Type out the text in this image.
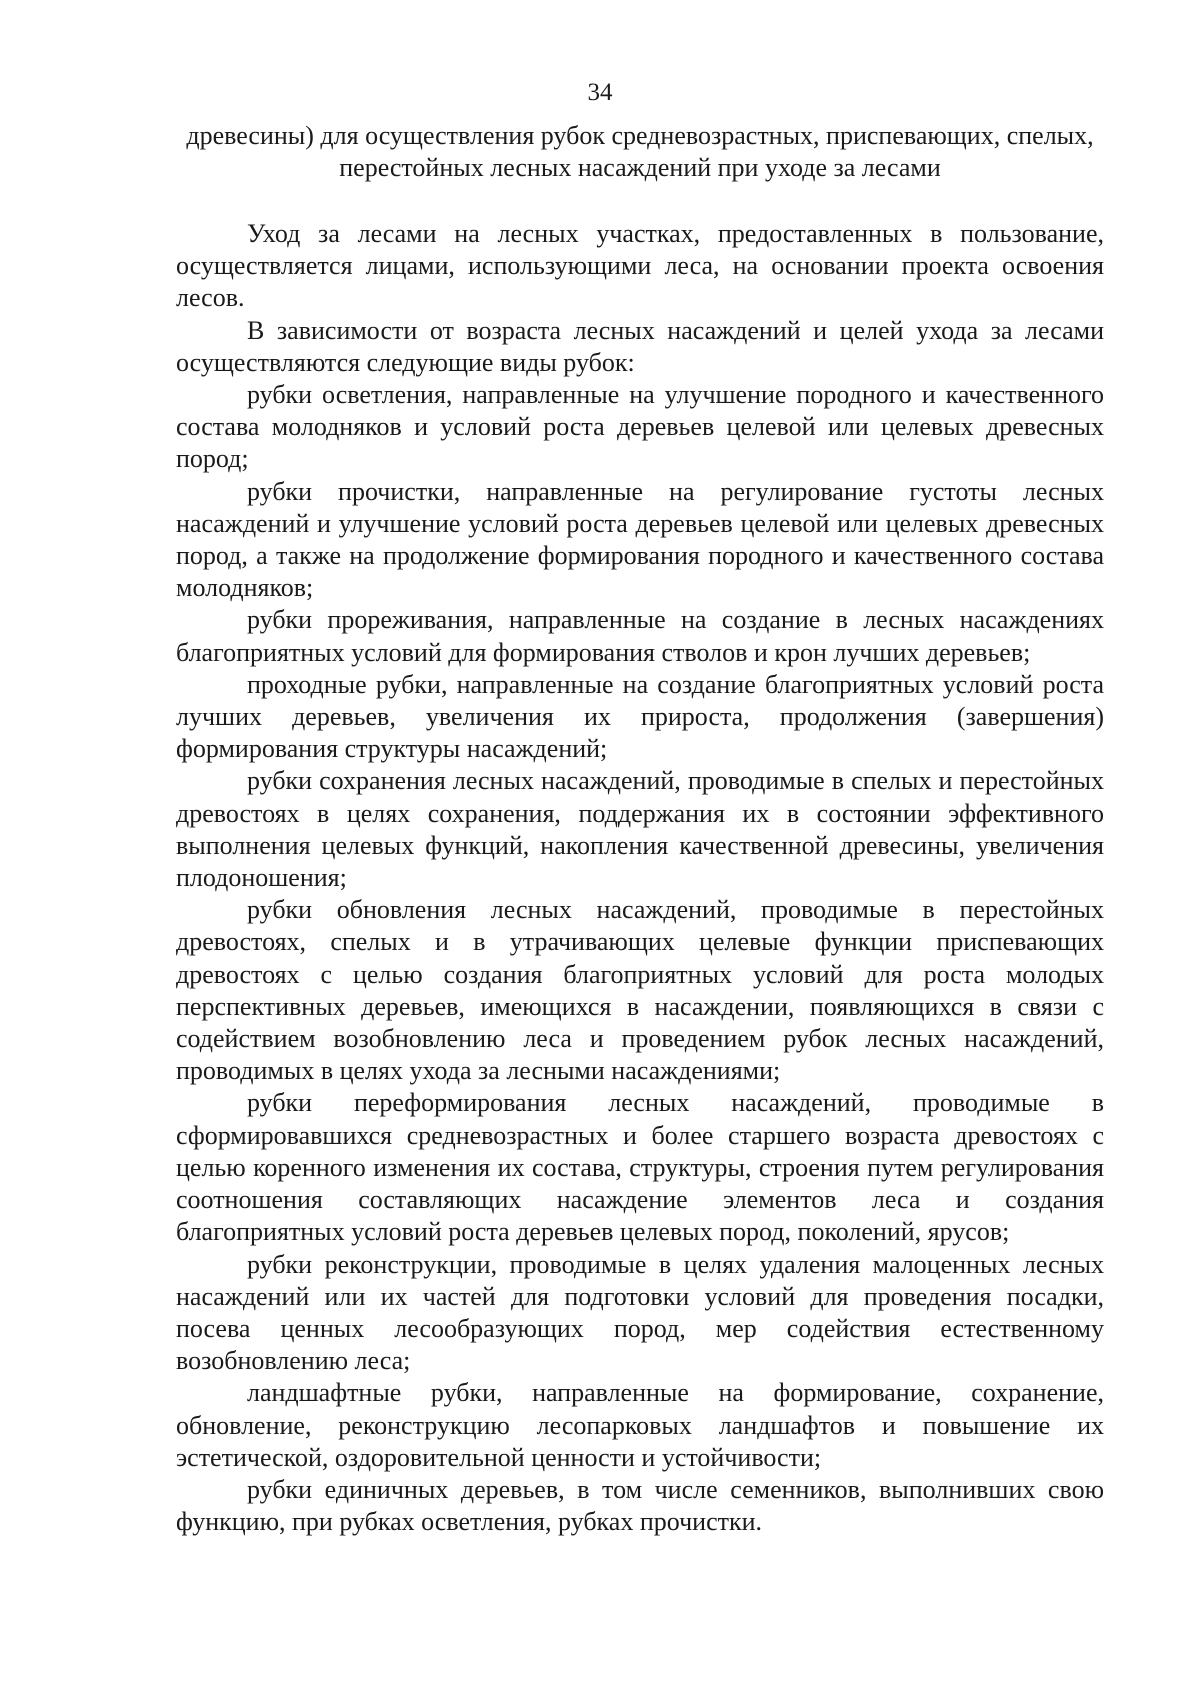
34
древесины) для осуществления рубок средневозрастных, приспевающих, спелых, перестойных лесных насаждений при уходе за лесами

Уход за лесами на лесных участках, предоставленных в пользование, осуществляется лицами, использующими леса, на основании проекта освоения лесов.

В зависимости от возраста лесных насаждений и целей ухода за лесами осуществляются следующие виды рубок:

рубки осветления, направленные на улучшение породного и качественного состава молодняков и условий роста деревьев целевой или целевых древесных пород;

рубки прочистки, направленные на регулирование густоты лесных насаждений и улучшение условий роста деревьев целевой или целевых древесных пород, а также на продолжение формирования породного и качественного состава молодняков;

рубки прореживания, направленные на создание в лесных насаждениях благоприятных условий для формирования стволов и крон лучших деревьев;

проходные рубки, направленные на создание благоприятных условий роста лучших деревьев, увеличения их прироста, продолжения (завершения) формирования структуры насаждений;

рубки сохранения лесных насаждений, проводимые в спелых и перестойных древостоях в целях сохранения, поддержания их в состоянии эффективного выполнения целевых функций, накопления качественной древесины, увеличения плодоношения;

рубки обновления лесных насаждений, проводимые в перестойных древостоях, спелых и в утрачивающих целевые функции приспевающих древостоях с целью создания благоприятных условий для роста молодых перспективных деревьев, имеющихся в насаждении, появляющихся в связи с содействием возобновлению леса и проведением рубок лесных насаждений, проводимых в целях ухода за лесными насаждениями;

рубки переформирования лесных насаждений, проводимые в сформировавшихся средневозрастных и более старшего возраста древостоях с целью коренного изменения их состава, структуры, строения путем регулирования соотношения составляющих насаждение элементов леса и создания благоприятных условий роста деревьев целевых пород, поколений, ярусов;

рубки реконструкции, проводимые в целях удаления малоценных лесных насаждений или их частей для подготовки условий для проведения посадки, посева ценных лесообразующих пород, мер содействия естественному возобновлению леса;

ландшафтные рубки, направленные на формирование, сохранение, обновление, реконструкцию лесопарковых ландшафтов и повышение их эстетической, оздоровительной ценности и устойчивости;

рубки единичных деревьев, в том числе семенников, выполнивших свою функцию, при рубках осветления, рубках прочистки.
